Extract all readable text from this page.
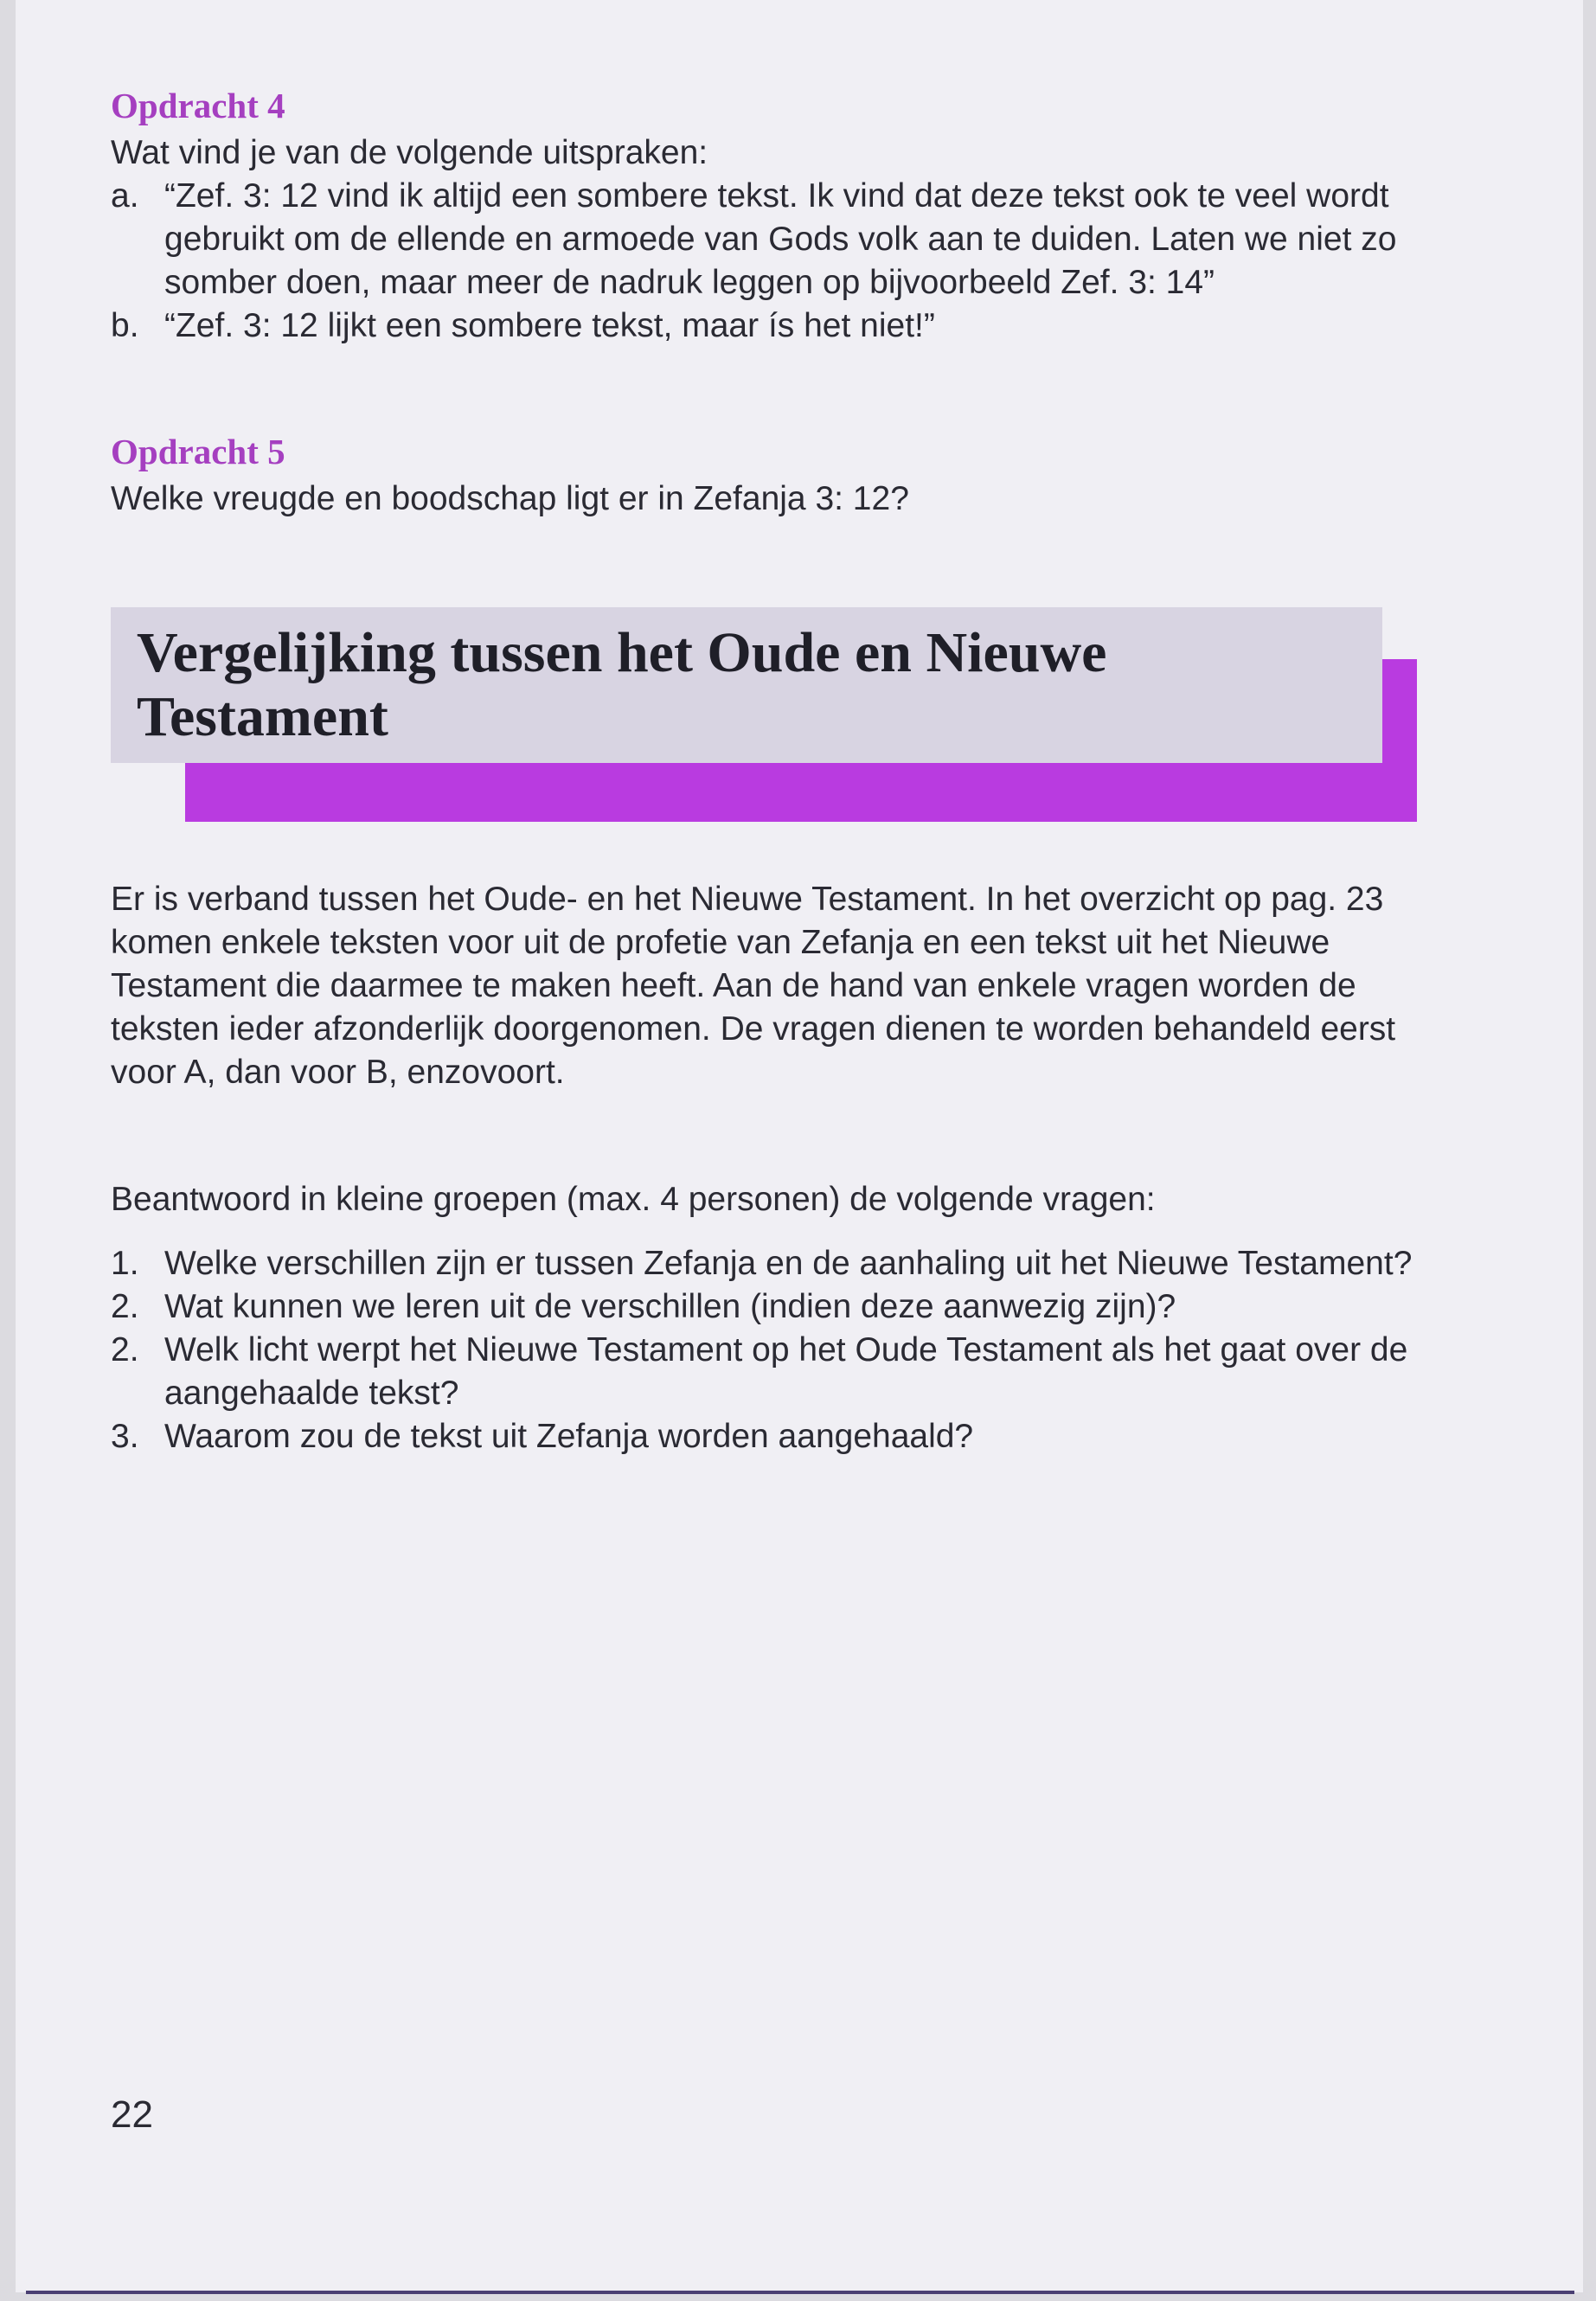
Opdracht 4

Wat vind je van de volgende uitspraken:

a. “Zef. 3: 12 vind ik altijd een sombere tekst. Ik vind dat deze tekst ook te veel wordt gebruikt om de ellende en armoede van Gods volk aan te duiden. Laten we niet zo somber doen, maar meer de nadruk leggen op bijvoorbeeld Zef. 3: 14”
b. “Zef. 3: 12 lijkt een sombere tekst, maar ís het niet!”
Opdracht 5

Welke vreugde en boodschap ligt er in Zefanja 3: 12?

Vergelijking tussen het Oude en Nieuwe Testament

Er is verband tussen het Oude- en het Nieuwe Testament. In het overzicht op pag. 23 komen enkele teksten voor uit de profetie van Zefanja en een tekst uit het Nieuwe Testament die daarmee te maken heeft. Aan de hand van enkele vragen worden de teksten ieder afzonderlijk doorgenomen. De vragen dienen te worden behandeld eerst voor A, dan voor B, enzovoort.

Beantwoord in kleine groepen (max. 4 personen) de volgende vragen:

1. Welke verschillen zijn er tussen Zefanja en de aanhaling uit het Nieuwe Testament?
2. Wat kunnen we leren uit de verschillen (indien deze aanwezig zijn)?
2. Welk licht werpt het Nieuwe Testament op het Oude Testament als het gaat over de aangehaalde tekst?
3. Waarom zou de tekst uit Zefanja worden aangehaald?

22
